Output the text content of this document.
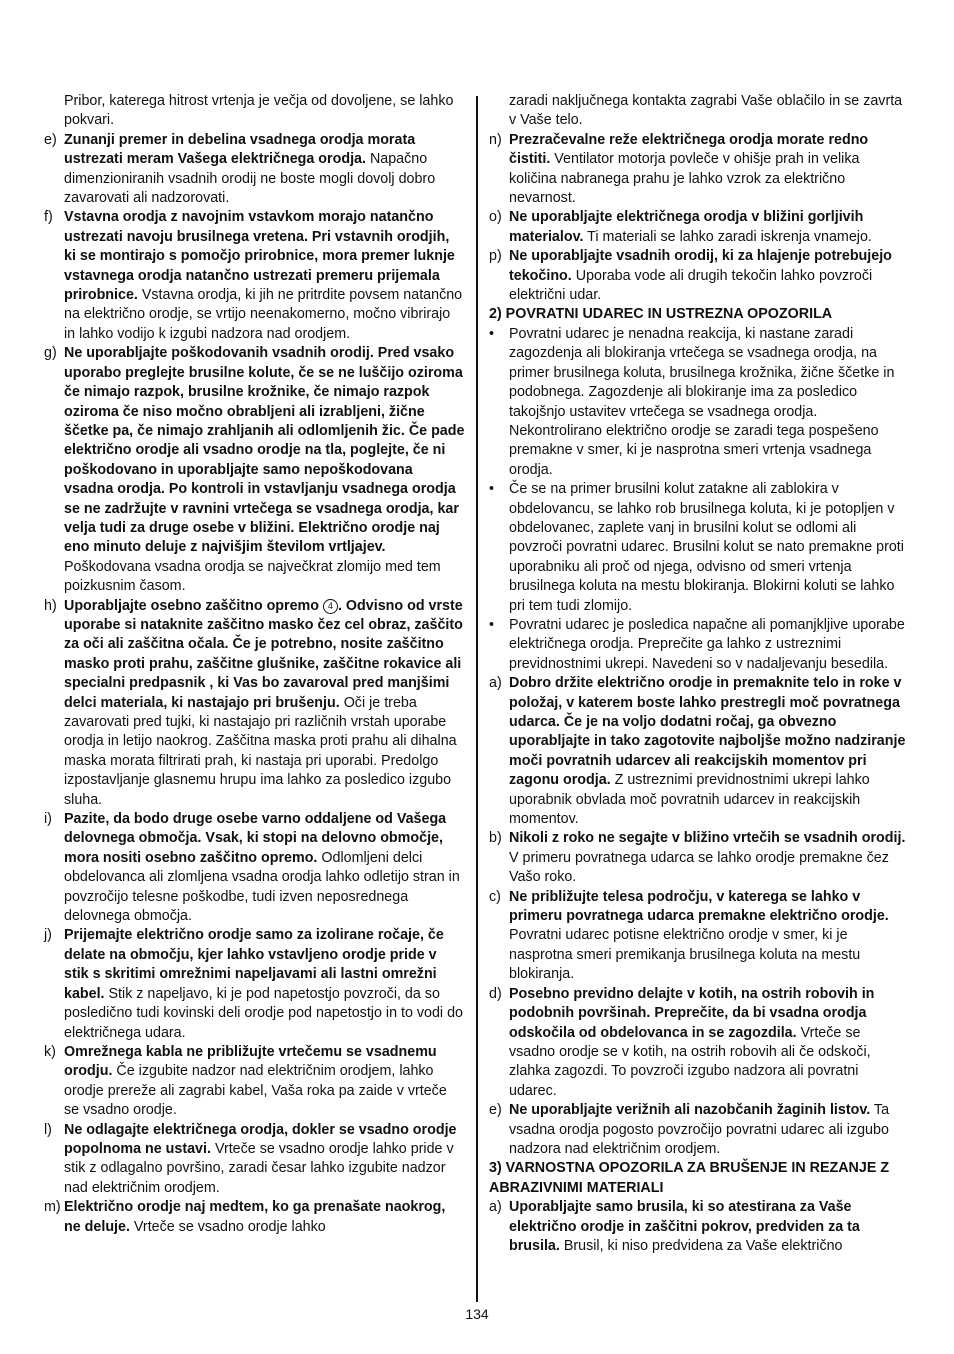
Pribor, katerega hitrost vrtenja je večja od dovoljene, se lahko pokvari.

e) Zunanji premer in debelina vsadnega orodja morata ustrezati meram Vašega električnega orodja. Napačno dimenzioniranih vsadnih orodij ne boste mogli dovolj dobro zavarovati ali nadzorovati.

f) Vstavna orodja z navojnim vstavkom morajo natančno ustrezati navoju brusilnega vretena. Pri vstavnih orodjih, ki se montirajo s pomočjo prirobnice, mora premer luknje vstavnega orodja natančno ustrezati premeru prijemala prirobnice. Vstavna orodja, ki jih ne pritrdite povsem natančno na električno orodje, se vrtijo neenakomerno, močno vibrirajo in lahko vodijo k izgubi nadzora nad orodjem.

g) Ne uporabljajte poškodovanih vsadnih orodij. Pred vsako uporabo preglejte brusilne kolute, če se ne luščijo oziroma če nimajo razpok, brusilne krožnike, če nimajo razpok oziroma če niso močno obrabljeni ali izrabljeni, žične ščetke pa, če nimajo zrahljanih ali odlomljenih žic. Če pade električno orodje ali vsadno orodje na tla, poglejte, če ni poškodovano in uporabljajte samo nepoškodovana vsadna orodja. Po kontroli in vstavljanju vsadnega orodja se ne zadržujte v ravnini vrtečega se vsadnega orodja, kar velja tudi za druge osebe v bližini. Električno orodje naj eno minuto deluje z najvišjim številom vrtljajev. Poškodovana vsadna orodja se največkrat zlomijo med tem poizkusnim časom.

h) Uporabljajte osebno zaščitno opremo 4 . Odvisno od vrste uporabe si nataknite zaščitno masko čez cel obraz, zaščito za oči ali zaščitna očala. Če je potrebno, nosite zaščitno masko proti prahu, zaščitne glušnike, zaščitne rokavice ali specialni predpasnik , ki Vas bo zavaroval pred manjšimi delci materiala, ki nastajajo pri brušenju. Oči je treba zavarovati pred tujki, ki nastajajo pri različnih vrstah uporabe orodja in letijo naokrog. Zaščitna maska proti prahu ali dihalna maska morata filtrirati prah, ki nastaja pri uporabi. Predolgo izpostavljanje glasnemu hrupu ima lahko za posledico izgubo sluha.

i) Pazite, da bodo druge osebe varno oddaljene od Vašega delovnega območja. Vsak, ki stopi na delovno območje, mora nositi osebno zaščitno opremo. Odlomljeni delci obdelovanca ali zlomljena vsadna orodja lahko odletijo stran in povzročijo telesne poškodbe, tudi izven neposrednega delovnega območja.

j) Prijemajte električno orodje samo za izolirane ročaje, če delate na območju, kjer lahko vstavljeno orodje pride v stik s skritimi omrežnimi napeljavami ali lastni omrežni kabel. Stik z napeljavo, ki je pod napetostjo povzroči, da so posledično tudi kovinski deli orodje pod napetostjo in to vodi do električnega udara.

k) Omrežnega kabla ne približujte vrtečemu se vsadnemu orodju. Če izgubite nadzor nad električnim orodjem, lahko orodje prereže ali zagrabi kabel, Vaša roka pa zaide v vrteče se vsadno orodje.

l) Ne odlagajte električnega orodja, dokler se vsadno orodje popolnoma ne ustavi. Vrteče se vsadno orodje lahko pride v stik z odlagalno površino, zaradi česar lahko izgubite nadzor nad električnim orodjem.

m) Električno orodje naj medtem, ko ga prenašate naokrog, ne deluje. Vrteče se vsadno orodje lahko

zaradi naključnega kontakta zagrabi Vaše oblačilo in se zavrta v Vaše telo.

n) Prezračevalne reže električnega orodja morate redno čistiti. Ventilator motorja povleče v ohišje prah in velika količina nabranega prahu je lahko vzrok za električno nevarnost.

o) Ne uporabljajte električnega orodja v bližini gorljivih materialov. Ti materiali se lahko zaradi iskrenja vnamejo.

p) Ne uporabljajte vsadnih orodij, ki za hlajenje potrebujejo tekočino. Uporaba vode ali drugih tekočin lahko povzroči električni udar.

2) POVRATNI UDAREC IN USTREZNA OPOZORILA

• Povratni udarec je nenadna reakcija, ki nastane zaradi zagozdenja ali blokiranja vrtečega se vsadnega orodja, na primer brusilnega koluta, brusilnega krožnika, žične ščetke in podobnega. Zagozdenje ali blokiranje ima za posledico takojšnjo ustavitev vrtečega se vsadnega orodja. Nekontrolirano električno orodje se zaradi tega pospešeno premakne v smer, ki je nasprotna smeri vrtenja vsadnega orodja.

• Če se na primer brusilni kolut zatakne ali zablokira v obdelovancu, se lahko rob brusilnega koluta, ki je potopljen v obdelovanec, zaplete vanj in brusilni kolut se odlomi ali povzroči povratni udarec. Brusilni kolut se nato premakne proti uporabniku ali proč od njega, odvisno od smeri vrtenja brusilnega koluta na mestu blokiranja. Blokirni koluti se lahko pri tem tudi zlomijo.

• Povratni udarec je posledica napačne ali pomanjkljive uporabe električnega orodja. Preprečite ga lahko z ustreznimi previdnostnimi ukrepi. Navedeni so v nadaljevanju besedila.

a) Dobro držite električno orodje in premaknite telo in roke v položaj, v katerem boste lahko prestregli moč povratnega udarca. Če je na voljo dodatni ročaj, ga obvezno uporabljajte in tako zagotovite najboljše možno nadziranje moči povratnih udarcev ali reakcijskih momentov pri zagonu orodja. Z ustreznimi previdnostnimi ukrepi lahko uporabnik obvlada moč povratnih udarcev in reakcijskih momentov.

b) Nikoli z roko ne segajte v bližino vrtečih se vsadnih orodij. V primeru povratnega udarca se lahko orodje premakne čez Vašo roko.

c) Ne približujte telesa področju, v katerega se lahko v primeru povratnega udarca premakne električno orodje. Povratni udarec potisne električno orodje v smer, ki je nasprotna smeri premikanja brusilnega koluta na mestu blokiranja.

d) Posebno previdno delajte v kotih, na ostrih robovih in podobnih površinah. Preprečite, da bi vsadna orodja odskočila od obdelovanca in se zagozdila. Vrteče se vsadno orodje se v kotih, na ostrih robovih ali če odskoči, zlahka zagozdi. To povzroči izgubo nadzora ali povratni udarec.

e) Ne uporabljajte verižnih ali nazobčanih žaginih listov. Ta vsadna orodja pogosto povzročijo povratni udarec ali izgubo nadzora nad električnim orodjem.

3) VARNOSTNA OPOZORILA ZA BRUŠENJE IN REZANJE Z ABRAZIVNIMI MATERIALI

a) Uporabljajte samo brusila, ki so atestirana za Vaše električno orodje in zaščitni pokrov, predviden za ta brusila. Brusil, ki niso predvidena za Vaše električno

134
